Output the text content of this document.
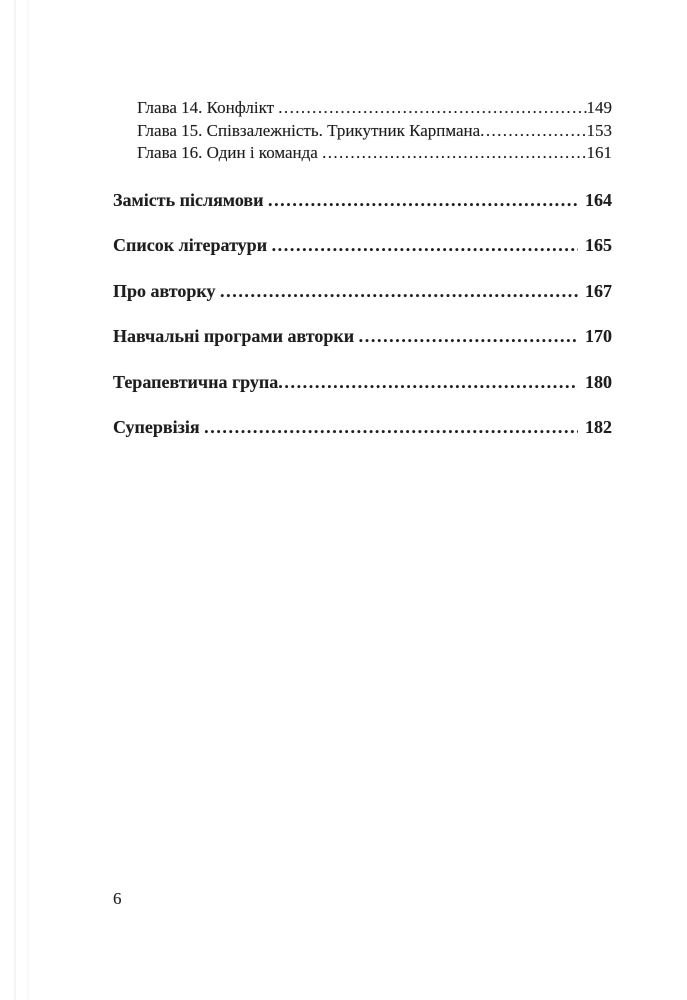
Глава 14. Конфлікт .....	149
Глава 15. Співзалежність. Трикутник Карпмана .....	153
Глава 16. Один і команда .....	161
Замість післямови .....	164
Список літератури .....	165
Про авторку .....	167
Навчальні програми авторки .....	170
Терапевтична група .....	180
Супервізія .....	182
6
